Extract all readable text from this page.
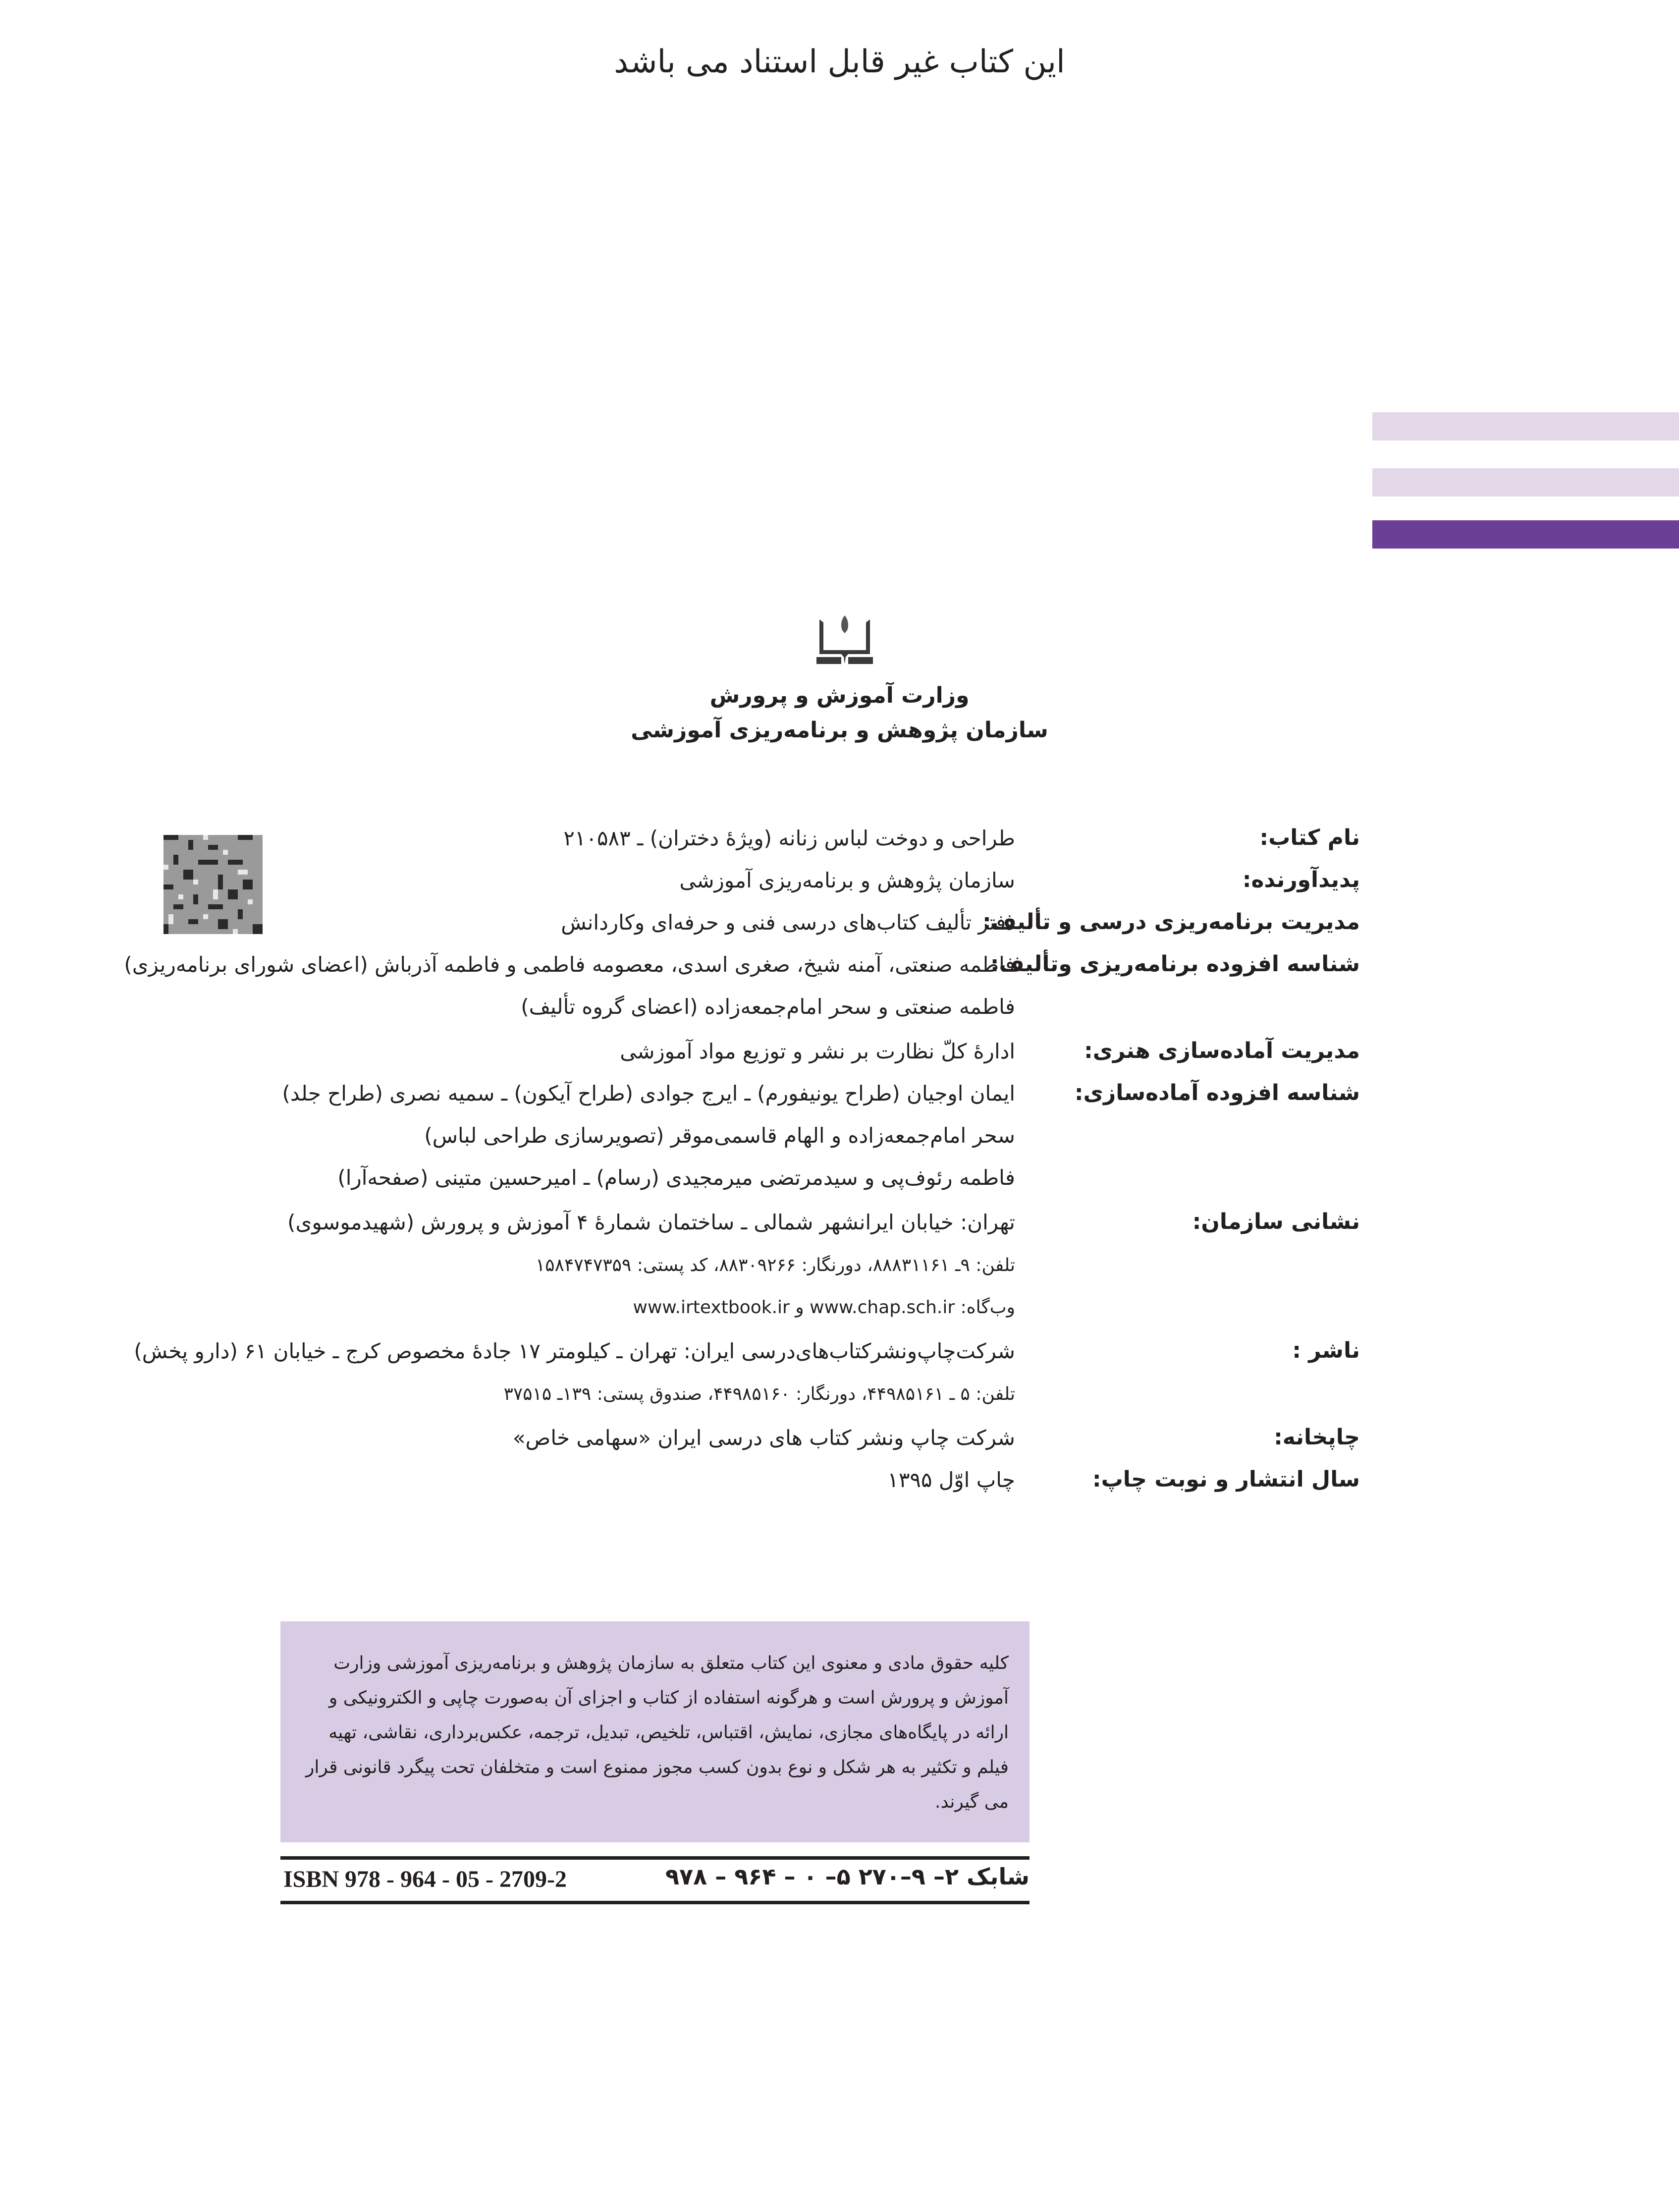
این کتاب غیر قابل استناد می باشد
وزارت آموزش و پرورش
سازمان پژوهش و برنامه‌ریزی آموزشی
نام کتاب:
طراحی و دوخت لباس زنانه (ویژهٔ دختران) ـ ۲۱۰۵۸۳
پدیدآورنده:
سازمان پژوهش و برنامه‌ریزی آموزشی
مدیریت برنامه‌ریزی درسی و تألیف:
دفتر تألیف کتاب‌های درسی فنی و حرفه‌ای وکاردانش
شناسه افزوده برنامه‌ریزی وتألیف:
فاطمه صنعتی، آمنه شیخ، صغری اسدی، معصومه فاطمی و فاطمه آذرباش (اعضای شورای برنامه‌ریزی)
فاطمه صنعتی و سحر امام‌جمعه‌زاده (اعضای گروه تألیف)
مدیریت آماده‌سازی هنری:
ادارهٔ کلّ نظارت بر نشر و توزیع مواد آموزشی
شناسه افزوده آماده‌سازی:
ایمان اوجیان (طراح یونیفورم) ـ ایرج جوادی (طراح آیکون) ـ سمیه نصری (طراح جلد)
سحر امام‌جمعه‌زاده و الهام قاسمی‌موقر (تصویرسازی طراحی لباس)
فاطمه رئوف‌پی و سیدمرتضی میرمجیدی (رسام) ـ امیرحسین متینی (صفحه‌آرا)
نشانی سازمان:
تهران: خیابان ایرانشهر شمالی ـ ساختمان شمارهٔ ۴ آموزش و پرورش (شهیدموسوی)
تلفن: ۹ـ ۸۸۸۳۱۱۶۱، دورنگار: ۸۸۳۰۹۲۶۶، کد پستی: ۱۵۸۴۷۴۷۳۵۹
وب‌گاه: www.chap.sch.ir و www.irtextbook.ir
ناشر :
شرکت‌چاپ‌ونشرکتاب‌های‌درسی ایران: تهران ـ کیلومتر ۱۷ جادهٔ مخصوص کرج ـ خیابان ۶۱ (دارو پخش)
تلفن: ۵ ـ ۴۴۹۸۵۱۶۱، دورنگار: ۴۴۹۸۵۱۶۰، صندوق پستی: ۱۳۹ـ ۳۷۵۱۵
چاپخانه:
شرکت چاپ ونشر کتاب های درسی ایران «سهامی خاص»
سال انتشار و نوبت چاپ:
چاپ اوّل ۱۳۹۵
کلیه حقوق مادی و معنوی این کتاب متعلق به سازمان پژوهش و برنامه‌ریزی آموزشی وزارت آموزش و پرورش است و هرگونه استفاده از کتاب و اجزای آن به‌صورت چاپی و الکترونیکی و ارائه در پایگاه‌های مجازی، نمایش، اقتباس، تلخیص، تبدیل، ترجمه، عکس‌برداری، نقاشی، تهیه فیلم و تکثیر به هر شکل و نوع بدون کسب مجوز ممنوع است و متخلفان تحت پیگرد قانونی قرار می گیرند.
ISBN 978 - 964 - 05 - 2709-2	شابک ۲– ۹–۲۷۰ ۵– ۰ – ۹۶۴ – ۹۷۸
